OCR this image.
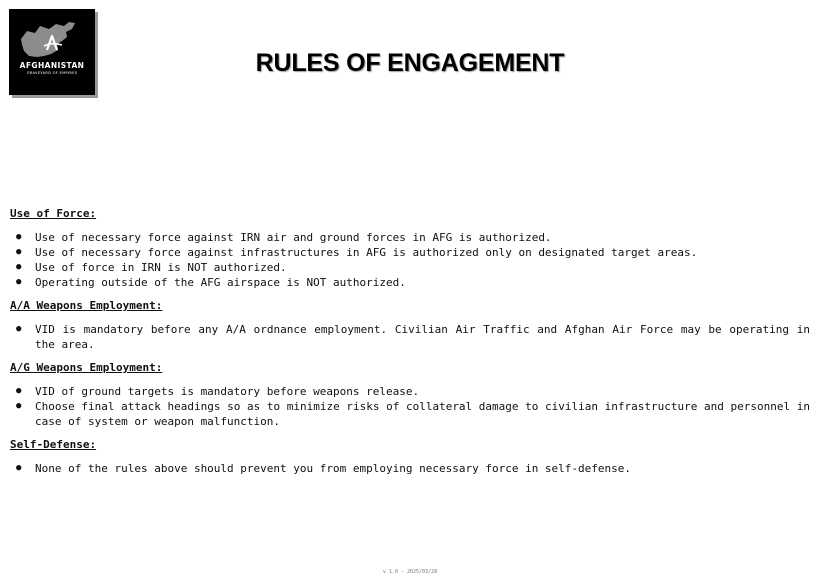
AFGHANISTAN
GRAVEYARD OF EMPIRES	RULES OF ENGAGEMENT
Use of Force:
● Use of necessary force against IRN air and ground forces in AFG is authorized.
● Use of necessary force against infrastructures in AFG is authorized only on designated target areas.
● Use of force in IRN is NOT authorized.
● Operating outside of the AFG airspace is NOT authorized.
A/A Weapons Employment:
● VID is mandatory before any A/A ordnance employment. Civilian Air Traffic and Afghan Air Force may be operating in the area.
A/G Weapons Employment:
● VID of ground targets is mandatory before weapons release.
● Choose final attack headings so as to minimize risks of collateral damage to civilian infrastructure and personnel in case of system or weapon malfunction.
Self-Defense:
● None of the rules above should prevent you from employing necessary force in self-defense.
v 1.0 - 2025/03/28
